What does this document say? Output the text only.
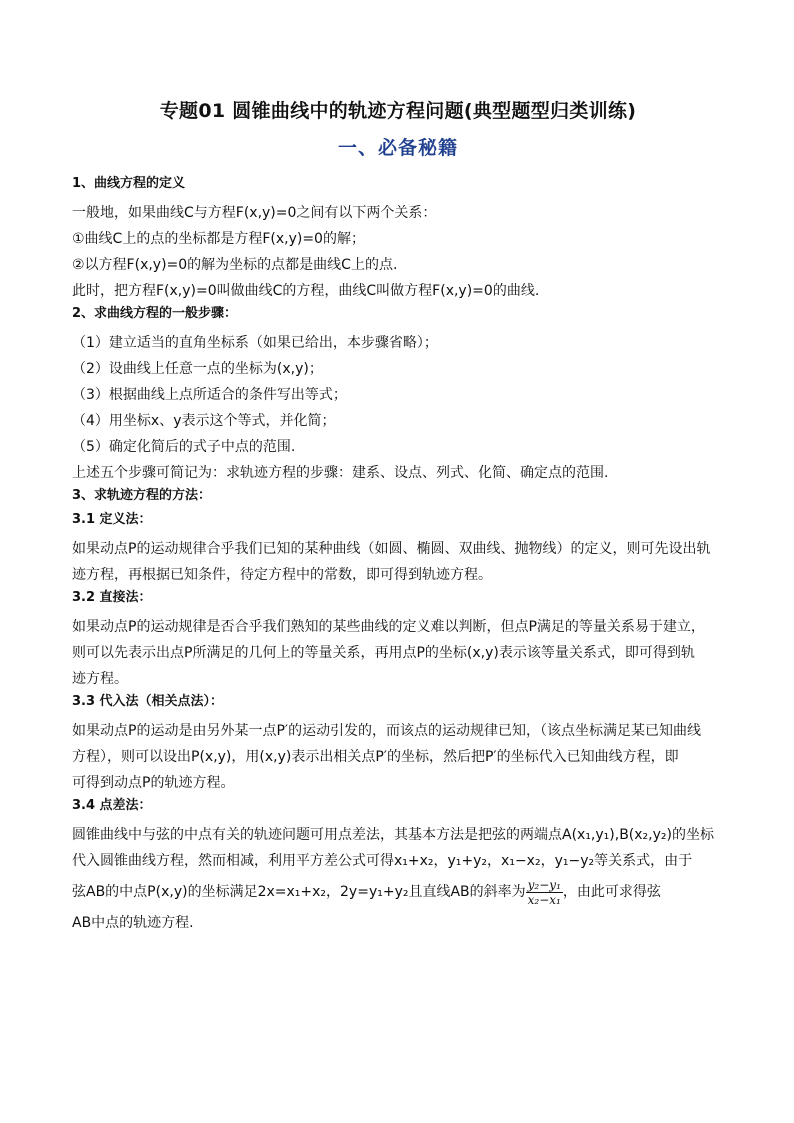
专题01 圆锥曲线中的轨迹方程问题(典型题型归类训练)
一、必备秘籍
1、曲线方程的定义

一般地，如果曲线C与方程F(x,y)=0之间有以下两个关系：

①曲线C上的点的坐标都是方程F(x,y)=0的解；

②以方程F(x,y)=0的解为坐标的点都是曲线C上的点.

此时，把方程F(x,y)=0叫做曲线C的方程，曲线C叫做方程F(x,y)=0的曲线.

2、求曲线方程的一般步骤：

（1）建立适当的直角坐标系（如果已给出，本步骤省略）；

（2）设曲线上任意一点的坐标为(x,y)；

（3）根据曲线上点所适合的条件写出等式；

（4）用坐标x、y表示这个等式，并化简；

（5）确定化简后的式子中点的范围.

上述五个步骤可简记为：求轨迹方程的步骤：建系、设点、列式、化简、确定点的范围.

3、求轨迹方程的方法：
3.1 定义法：

如果动点P的运动规律合乎我们已知的某种曲线（如圆、椭圆、双曲线、抛物线）的定义，则可先设出轨

迹方程，再根据已知条件，待定方程中的常数，即可得到轨迹方程。

3.2 直接法：

如果动点P的运动规律是否合乎我们熟知的某些曲线的定义难以判断，但点P满足的等量关系易于建立，

则可以先表示出点P所满足的几何上的等量关系，再用点P的坐标(x,y)表示该等量关系式，即可得到轨

迹方程。

3.3 代入法（相关点法）：

如果动点P的运动是由另外某一点P′的运动引发的，而该点的运动规律已知，（该点坐标满足某已知曲线

方程），则可以设出P(x,y)，用(x,y)表示出相关点P′的坐标，然后把P′的坐标代入已知曲线方程，即

可得到动点P的轨迹方程。

3.4 点差法：

圆锥曲线中与弦的中点有关的轨迹问题可用点差法，其基本方法是把弦的两端点A(x₁,y₁),B(x₂,y₂)的坐标

代入圆锥曲线方程，然而相减，利用平方差公式可得x₁+x₂，y₁+y₂，x₁−x₂，y₁−y₂等关系式，由于

弦AB的中点P(x,y)的坐标满足2x=x₁+x₂，2y=y₁+y₂且直线AB的斜率为 $\frac{\text{y₂−y₁}}{\text{x₂−x₁}}$ ，由此可求得弦

AB中点的轨迹方程.
